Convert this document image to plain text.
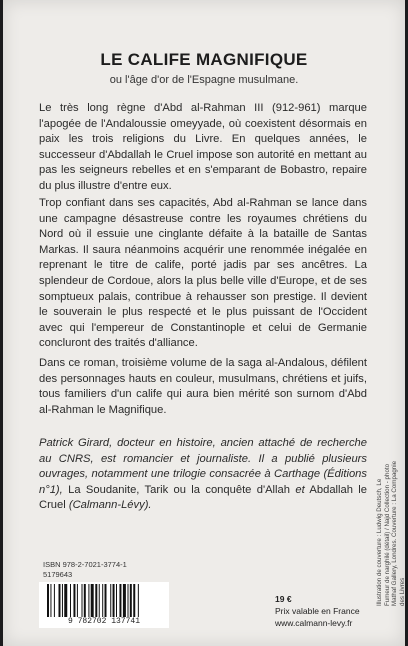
LE CALIFE MAGNIFIQUE
ou l'âge d'or de l'Espagne musulmane.
Le très long règne d'Abd al-Rahman III (912-961) marque l'apogée de l'Andaloussie omeyyade, où coexistent désormais en paix les trois religions du Livre. En quelques années, le successeur d'Abdallah le Cruel impose son autorité en mettant au pas les seigneurs rebelles et en s'emparant de Bobastro, repaire du plus illustre d'entre eux.
Trop confiant dans ses capacités, Abd al-Rahman se lance dans une campagne désastreuse contre les royaumes chrétiens du Nord où il essuie une cinglante défaite à la bataille de Santas Markas. Il saura néanmoins acquérir une renommée inégalée en reprenant le titre de calife, porté jadis par ses ancêtres. La splendeur de Cordoue, alors la plus belle ville d'Europe, et de ses somptueux palais, contribue à rehausser son prestige. Il devient le souverain le plus respecté et le plus puissant de l'Occident avec qui l'empereur de Constantinople et celui de Germanie concluront des traités d'alliance.
Dans ce roman, troisième volume de la saga al-Andalous, défilent des personnages hauts en couleur, musulmans, chrétiens et juifs, tous familiers d'un calife qui aura bien mérité son surnom d'Abd al-Rahman le Magnifique.
Patrick Girard, docteur en histoire, ancien attaché de recherche au CNRS, est romancier et journaliste. Il a publié plusieurs ouvrages, notamment une trilogie consacrée à Carthage (Éditions n°1), La Soudanite, Tarik ou la conquête d'Allah et Abdallah le Cruel (Calmann-Lévy).	Illustration de couverture : Ludwig Deutsch, Le Fumeur de narghilé (détail) / Najd Collection - photo Mathaf Gallery, Londres. Couverture : La Compagnie des Livres
ISBN 978-2-7021-3774-1
5179643
9 782702 137741
19 €
Prix valable en France
www.calmann-levy.fr
